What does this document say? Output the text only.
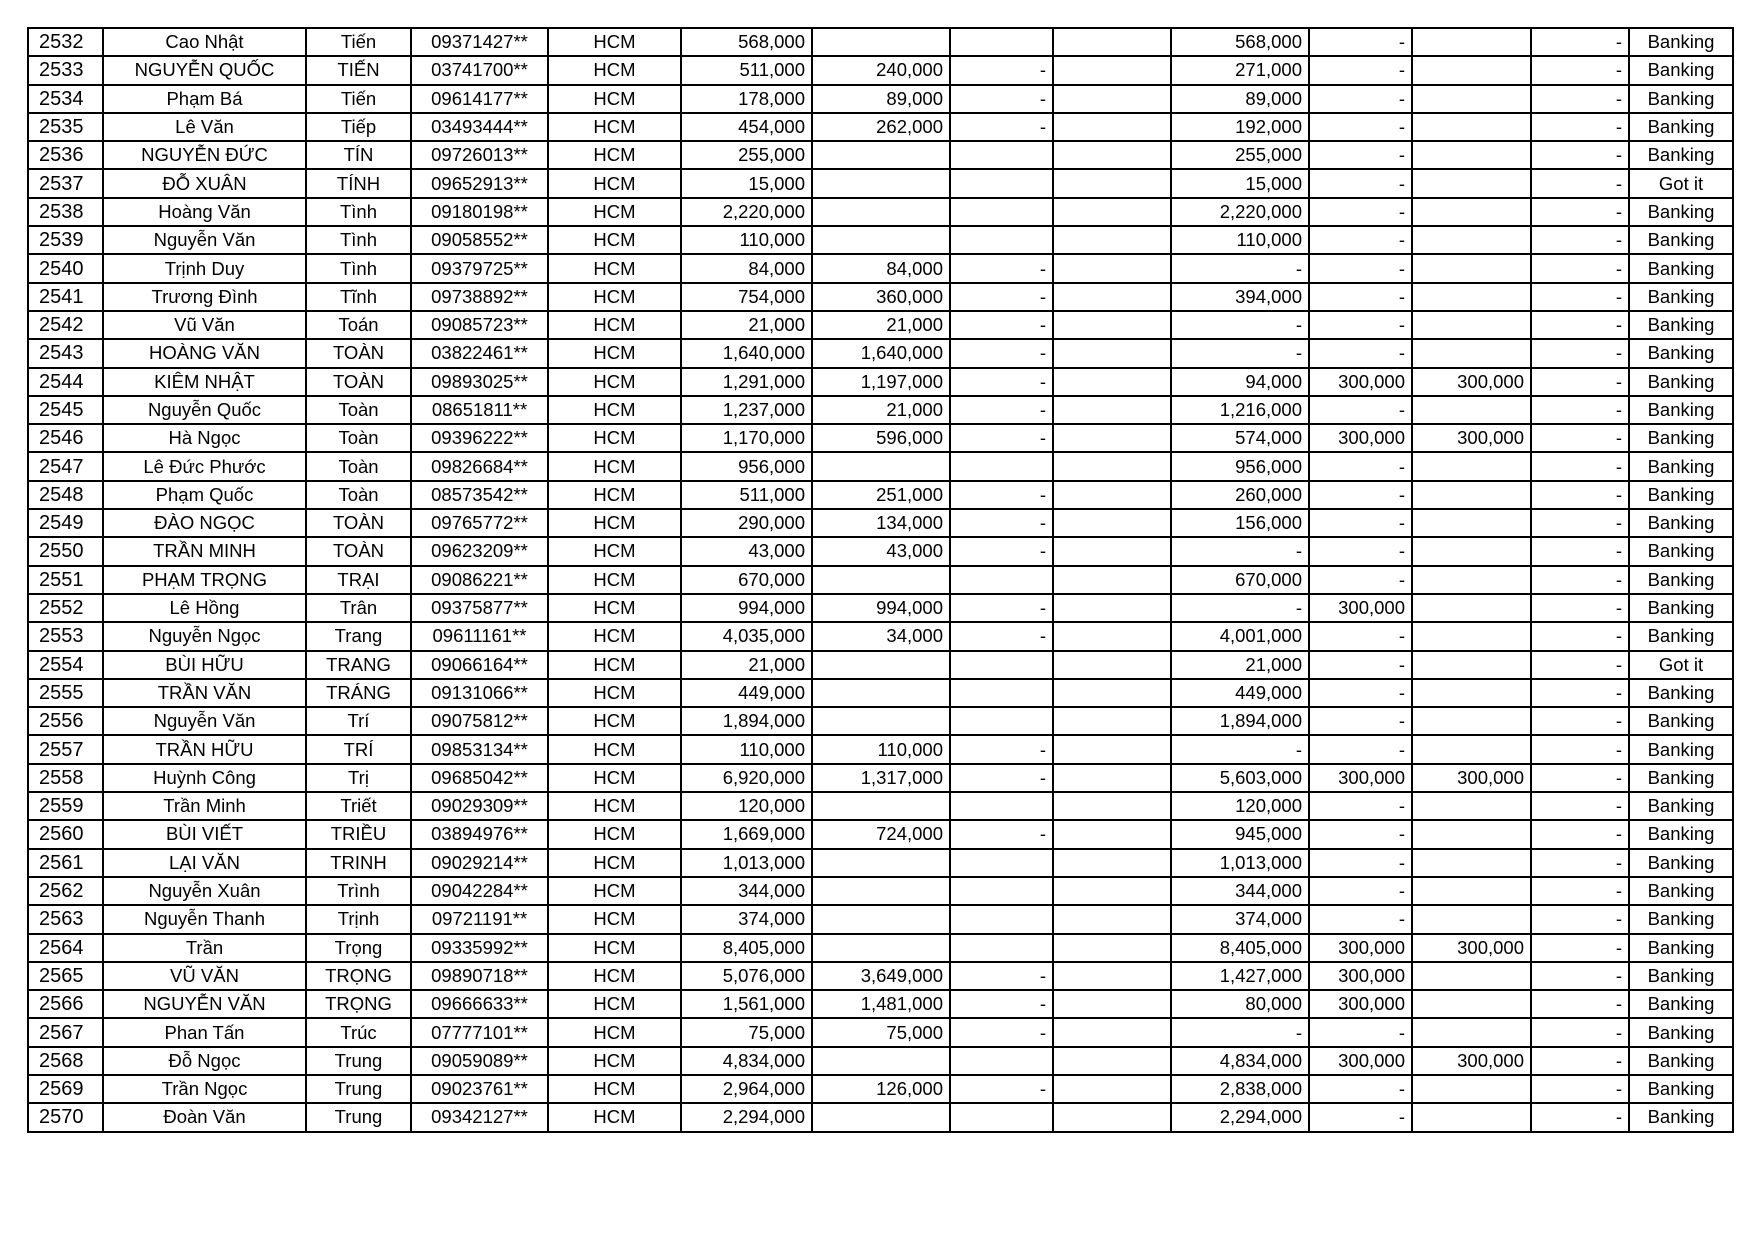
2532	Cao Nhật	Tiến	09371427**	HCM	568,000				568,000	-		-	Banking
2533	NGUYỄN QUỐC	TIẾN	03741700**	HCM	511,000	240,000	-		271,000	-		-	Banking
2534	Phạm Bá	Tiến	09614177**	HCM	178,000	89,000	-		89,000	-		-	Banking
2535	Lê Văn	Tiếp	03493444**	HCM	454,000	262,000	-		192,000	-		-	Banking
2536	NGUYỄN ĐỨC	TÍN	09726013**	HCM	255,000				255,000	-		-	Banking
2537	ĐỖ XUÂN	TÍNH	09652913**	HCM	15,000				15,000	-		-	Got it
2538	Hoàng Văn	Tình	09180198**	HCM	2,220,000				2,220,000	-		-	Banking
2539	Nguyễn Văn	Tình	09058552**	HCM	110,000				110,000	-		-	Banking
2540	Trịnh Duy	Tình	09379725**	HCM	84,000	84,000	-		-	-		-	Banking
2541	Trương Đình	Tĩnh	09738892**	HCM	754,000	360,000	-		394,000	-		-	Banking
2542	Vũ Văn	Toán	09085723**	HCM	21,000	21,000	-		-	-		-	Banking
2543	HOÀNG VĂN	TOÀN	03822461**	HCM	1,640,000	1,640,000	-		-	-		-	Banking
2544	KIÊM NHẬT	TOÀN	09893025**	HCM	1,291,000	1,197,000	-		94,000	300,000	300,000	-	Banking
2545	Nguyễn Quốc	Toàn	08651811**	HCM	1,237,000	21,000	-		1,216,000	-		-	Banking
2546	Hà Ngọc	Toàn	09396222**	HCM	1,170,000	596,000	-		574,000	300,000	300,000	-	Banking
2547	Lê Đức Phước	Toàn	09826684**	HCM	956,000				956,000	-		-	Banking
2548	Phạm Quốc	Toàn	08573542**	HCM	511,000	251,000	-		260,000	-		-	Banking
2549	ĐÀO NGỌC	TOÀN	09765772**	HCM	290,000	134,000	-		156,000	-		-	Banking
2550	TRẦN MINH	TOÀN	09623209**	HCM	43,000	43,000	-		-	-		-	Banking
2551	PHẠM TRỌNG	TRẠI	09086221**	HCM	670,000				670,000	-		-	Banking
2552	Lê Hồng	Trân	09375877**	HCM	994,000	994,000	-		-	300,000		-	Banking
2553	Nguyễn Ngọc	Trang	09611161**	HCM	4,035,000	34,000	-		4,001,000	-		-	Banking
2554	BÙI HỮU	TRANG	09066164**	HCM	21,000				21,000	-		-	Got it
2555	TRẦN VĂN	TRÁNG	09131066**	HCM	449,000				449,000	-		-	Banking
2556	Nguyễn Văn	Trí	09075812**	HCM	1,894,000				1,894,000	-		-	Banking
2557	TRẦN HỮU	TRÍ	09853134**	HCM	110,000	110,000	-		-	-		-	Banking
2558	Huỳnh Công	Trị	09685042**	HCM	6,920,000	1,317,000	-		5,603,000	300,000	300,000	-	Banking
2559	Trần Minh	Triết	09029309**	HCM	120,000				120,000	-		-	Banking
2560	BÙI VIẾT	TRIỀU	03894976**	HCM	1,669,000	724,000	-		945,000	-		-	Banking
2561	LẠI VĂN	TRINH	09029214**	HCM	1,013,000				1,013,000	-		-	Banking
2562	Nguyễn Xuân	Trình	09042284**	HCM	344,000				344,000	-		-	Banking
2563	Nguyễn Thanh	Trịnh	09721191**	HCM	374,000				374,000	-		-	Banking
2564	Trần	Trọng	09335992**	HCM	8,405,000				8,405,000	300,000	300,000	-	Banking
2565	VŨ VĂN	TRỌNG	09890718**	HCM	5,076,000	3,649,000	-		1,427,000	300,000		-	Banking
2566	NGUYỄN VĂN	TRỌNG	09666633**	HCM	1,561,000	1,481,000	-		80,000	300,000		-	Banking
2567	Phan Tấn	Trúc	07777101**	HCM	75,000	75,000	-		-	-		-	Banking
2568	Đỗ Ngọc	Trung	09059089**	HCM	4,834,000				4,834,000	300,000	300,000	-	Banking
2569	Trần Ngọc	Trung	09023761**	HCM	2,964,000	126,000	-		2,838,000	-		-	Banking
2570	Đoàn Văn	Trung	09342127**	HCM	2,294,000				2,294,000	-		-	Banking
